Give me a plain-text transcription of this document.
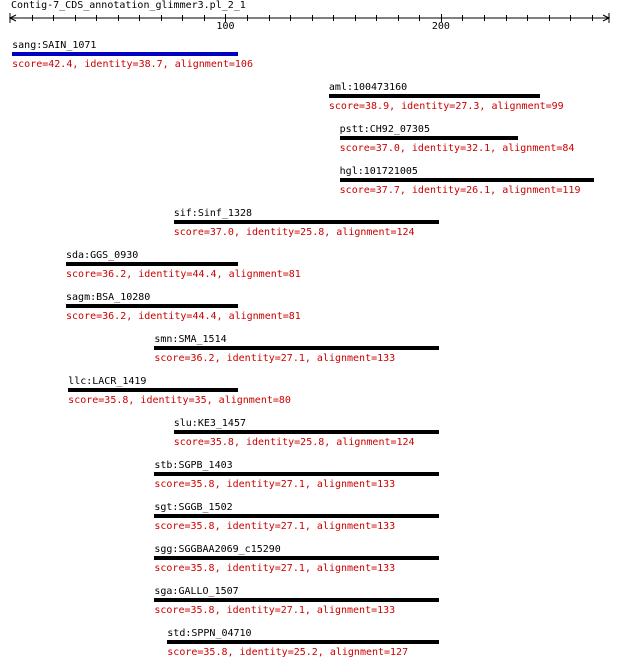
Contig-7_CDS_annotation_glimmer3.pl_2_1
100	200
sang:SAIN_1071
score=42.4, identity=38.7, alignment=106
aml:100473160
score=38.9, identity=27.3, alignment=99
pstt:CH92_07305
score=37.0, identity=32.1, alignment=84
hgl:101721005
score=37.7, identity=26.1, alignment=119
sif:Sinf_1328
score=37.0, identity=25.8, alignment=124
sda:GGS_0930
score=36.2, identity=44.4, alignment=81
sagm:BSA_10280
score=36.2, identity=44.4, alignment=81
smn:SMA_1514
score=36.2, identity=27.1, alignment=133
llc:LACR_1419
score=35.8, identity=35, alignment=80
slu:KE3_1457
score=35.8, identity=25.8, alignment=124
stb:SGPB_1403
score=35.8, identity=27.1, alignment=133
sgt:SGGB_1502
score=35.8, identity=27.1, alignment=133
sgg:SGGBAA2069_c15290
score=35.8, identity=27.1, alignment=133
sga:GALLO_1507
score=35.8, identity=27.1, alignment=133
std:SPPN_04710
score=35.8, identity=25.2, alignment=127
